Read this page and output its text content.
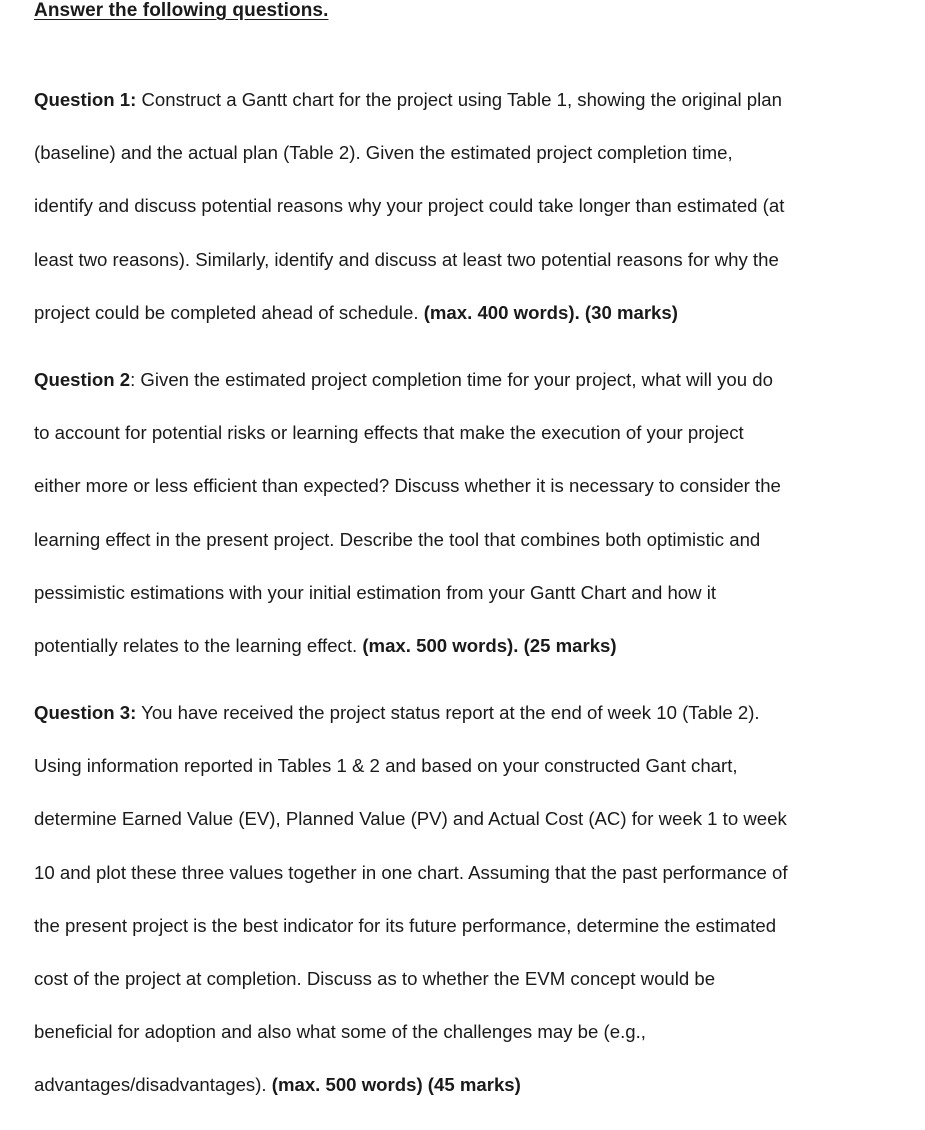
Answer the following questions.
Question 1: Construct a Gantt chart for the project using Table 1, showing the original plan
(baseline) and the actual plan (Table 2). Given the estimated project completion time,
identify and discuss potential reasons why your project could take longer than estimated (at
least two reasons). Similarly, identify and discuss at least two potential reasons for why the
project could be completed ahead of schedule. (max. 400 words). (30 marks)
Question 2: Given the estimated project completion time for your project, what will you do
to account for potential risks or learning effects that make the execution of your project
either more or less efficient than expected? Discuss whether it is necessary to consider the
learning effect in the present project. Describe the tool that combines both optimistic and
pessimistic estimations with your initial estimation from your Gantt Chart and how it
potentially relates to the learning effect. (max. 500 words). (25 marks)
Question 3: You have received the project status report at the end of week 10 (Table 2).
Using information reported in Tables 1 & 2 and based on your constructed Gant chart,
determine Earned Value (EV), Planned Value (PV) and Actual Cost (AC) for week 1 to week
10 and plot these three values together in one chart. Assuming that the past performance of
the present project is the best indicator for its future performance, determine the estimated
cost of the project at completion. Discuss as to whether the EVM concept would be
beneficial for adoption and also what some of the challenges may be (e.g.,
advantages/disadvantages). (max. 500 words) (45 marks)
